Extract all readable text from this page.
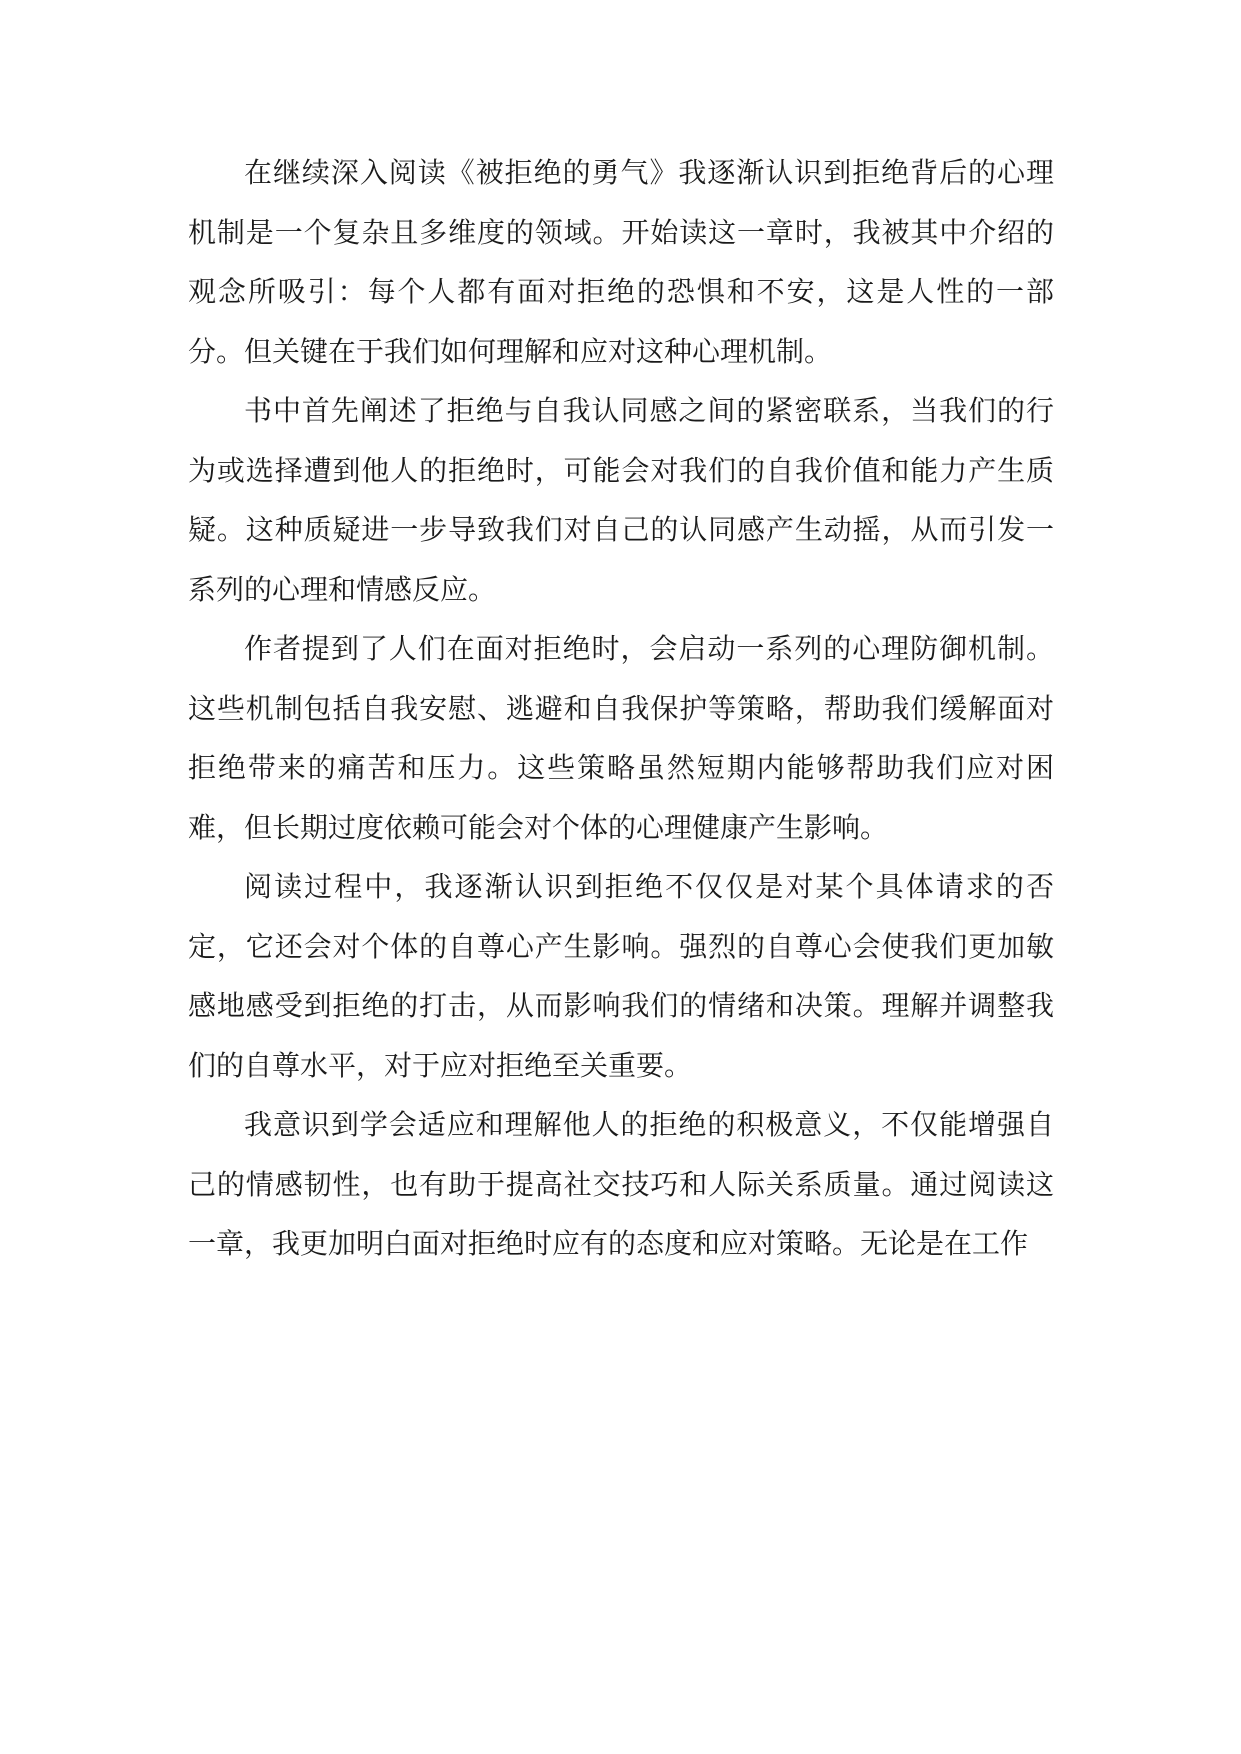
在继续深入阅读《被拒绝的勇气》我逐渐认识到拒绝背后的心理机制是一个复杂且多维度的领域。开始读这一章时，我被其中介绍的观念所吸引：每个人都有面对拒绝的恐惧和不安，这是人性的一部分。但关键在于我们如何理解和应对这种心理机制。

书中首先阐述了拒绝与自我认同感之间的紧密联系，当我们的行为或选择遭到他人的拒绝时，可能会对我们的自我价值和能力产生质疑。这种质疑进一步导致我们对自己的认同感产生动摇，从而引发一系列的心理和情感反应。

作者提到了人们在面对拒绝时，会启动一系列的心理防御机制。这些机制包括自我安慰、逃避和自我保护等策略，帮助我们缓解面对拒绝带来的痛苦和压力。这些策略虽然短期内能够帮助我们应对困难，但长期过度依赖可能会对个体的心理健康产生影响。

阅读过程中，我逐渐认识到拒绝不仅仅是对某个具体请求的否定，它还会对个体的自尊心产生影响。强烈的自尊心会使我们更加敏感地感受到拒绝的打击，从而影响我们的情绪和决策。理解并调整我们的自尊水平，对于应对拒绝至关重要。

我意识到学会适应和理解他人的拒绝的积极意义，不仅能增强自己的情感韧性，也有助于提高社交技巧和人际关系质量。通过阅读这一章，我更加明白面对拒绝时应有的态度和应对策略。无论是在工作
